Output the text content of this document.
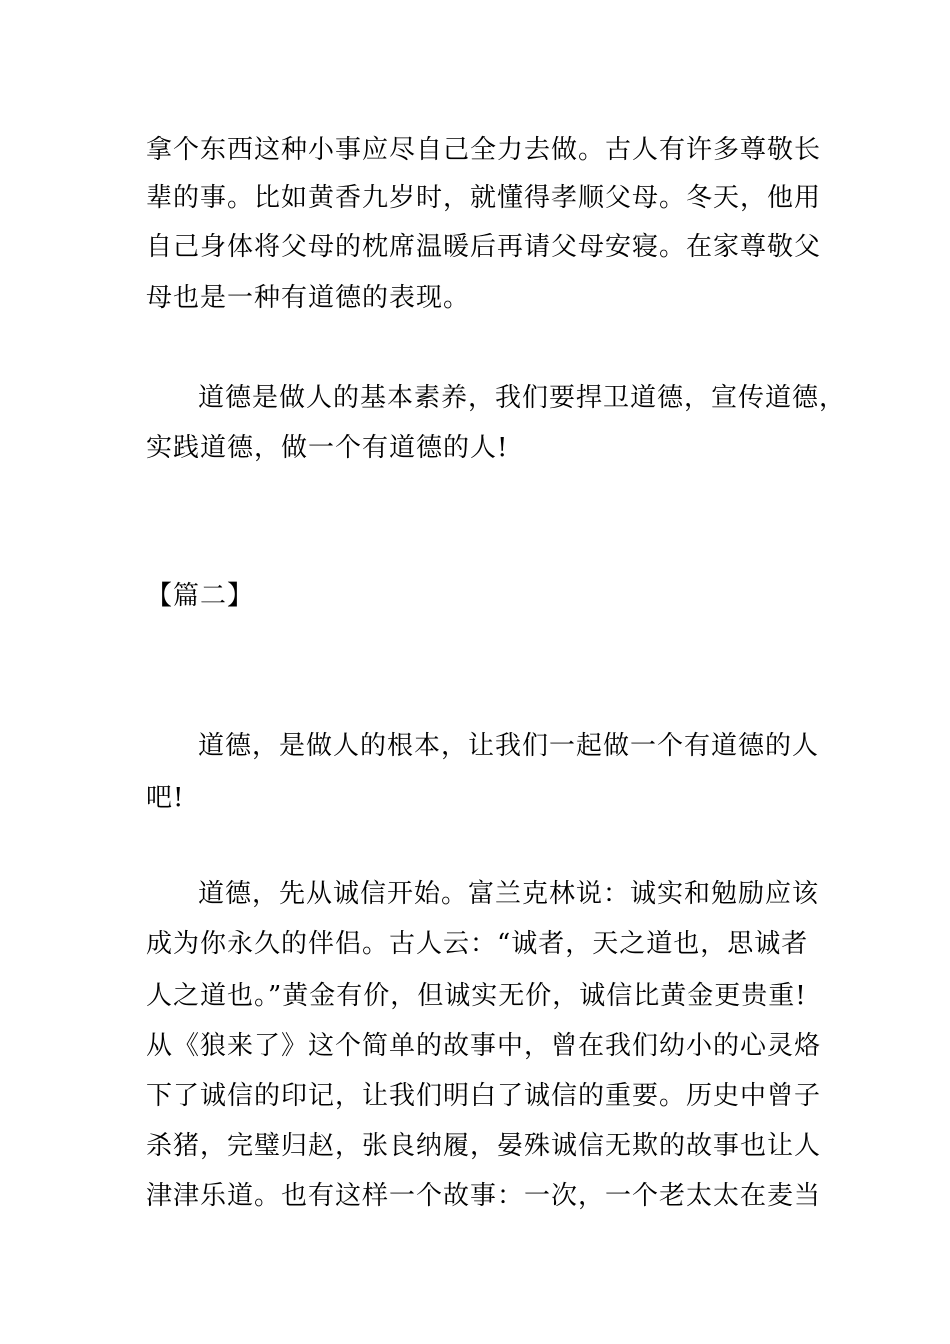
拿个东西这种小事应尽自己全力去做。古人有许多尊敬长
辈的事。比如黄香九岁时，就懂得孝顺父母。冬天，他用
自己身体将父母的枕席温暖后再请父母安寝。在家尊敬父
母也是一种有道德的表现。
道德是做人的基本素养，我们要捍卫道德，宣传道德，
实践道德，做一个有道德的人!
【篇二】
道德，是做人的根本，让我们一起做一个有道德的人
吧!
道德，先从诚信开始。富兰克林说：诚实和勉励应该
成为你永久的伴侣。古人云：“诚者，天之道也，思诚者
人之道也。”黄金有价，但诚实无价，诚信比黄金更贵重!
从《狼来了》这个简单的故事中，曾在我们幼小的心灵烙
下了诚信的印记，让我们明白了诚信的重要。历史中曾子
杀猪，完璧归赵，张良纳履，晏殊诚信无欺的故事也让人
津津乐道。也有这样一个故事：一次，一个老太太在麦当
